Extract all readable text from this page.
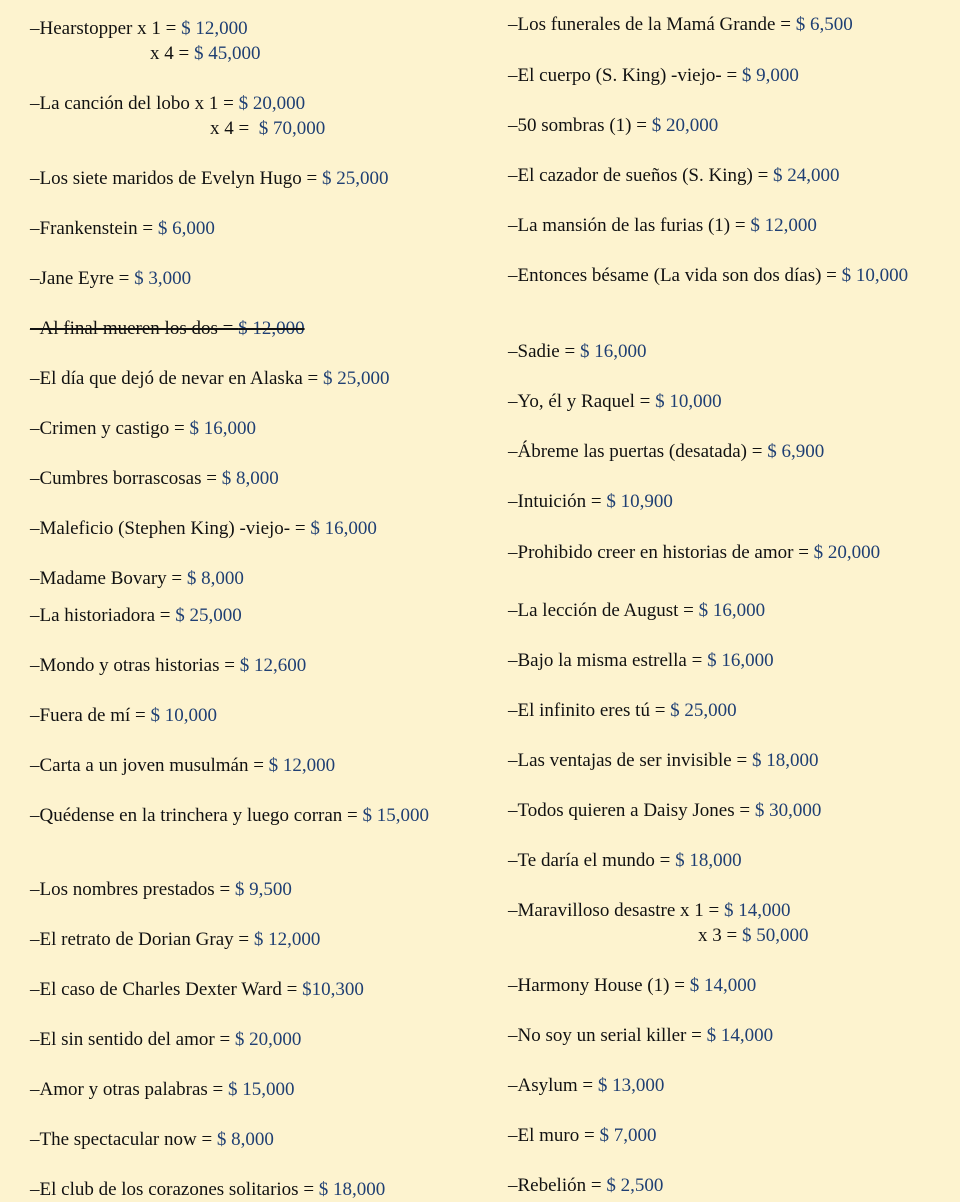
–Hearstopper x 1 = $ 12,000
x 4 = $ 45,000
–La canción del lobo x 1 = $ 20,000
x 4 =  $ 70,000
–Los siete maridos de Evelyn Hugo = $ 25,000
–Frankenstein = $ 6,000
–Jane Eyre = $ 3,000
–Al final mueren los dos = $ 12,000
–El día que dejó de nevar en Alaska = $ 25,000
–Crimen y castigo = $ 16,000
–Cumbres borrascosas = $ 8,000
–Maleficio (Stephen King) -viejo- = $ 16,000
–Madame Bovary = $ 8,000
–La historiadora = $ 25,000
–Mondo y otras historias = $ 12,600
–Fuera de mí = $ 10,000
–Carta a un joven musulmán = $ 12,000
–Quédense en la trinchera y luego corran = $ 15,000
–Los nombres prestados = $ 9,500
–El retrato de Dorian Gray = $ 12,000
–El caso de Charles Dexter Ward = $10,300
–El sin sentido del amor = $ 20,000
–Amor y otras palabras = $ 15,000
–The spectacular now = $ 8,000
–El club de los corazones solitarios = $ 18,000
–Los funerales de la Mamá Grande = $ 6,500
–El cuerpo (S. King) -viejo- = $ 9,000
–50 sombras (1) = $ 20,000
–El cazador de sueños (S. King) = $ 24,000
–La mansión de las furias (1) = $ 12,000
–Entonces bésame (La vida son dos días) = $ 10,000
–Sadie = $ 16,000
–Yo, él y Raquel = $ 10,000
–Ábreme las puertas (desatada) = $ 6,900
–Intuición = $ 10,900
–Prohibido creer en historias de amor = $ 20,000
–La lección de August = $ 16,000
–Bajo la misma estrella = $ 16,000
–El infinito eres tú = $ 25,000
–Las ventajas de ser invisible = $ 18,000
–Todos quieren a Daisy Jones = $ 30,000
–Te daría el mundo = $ 18,000
–Maravilloso desastre x 1 = $ 14,000
x 3 = $ 50,000
–Harmony House (1) = $ 14,000
–No soy un serial killer = $ 14,000
–Asylum = $ 13,000
–El muro = $ 7,000
–Rebelión = $ 2,500
